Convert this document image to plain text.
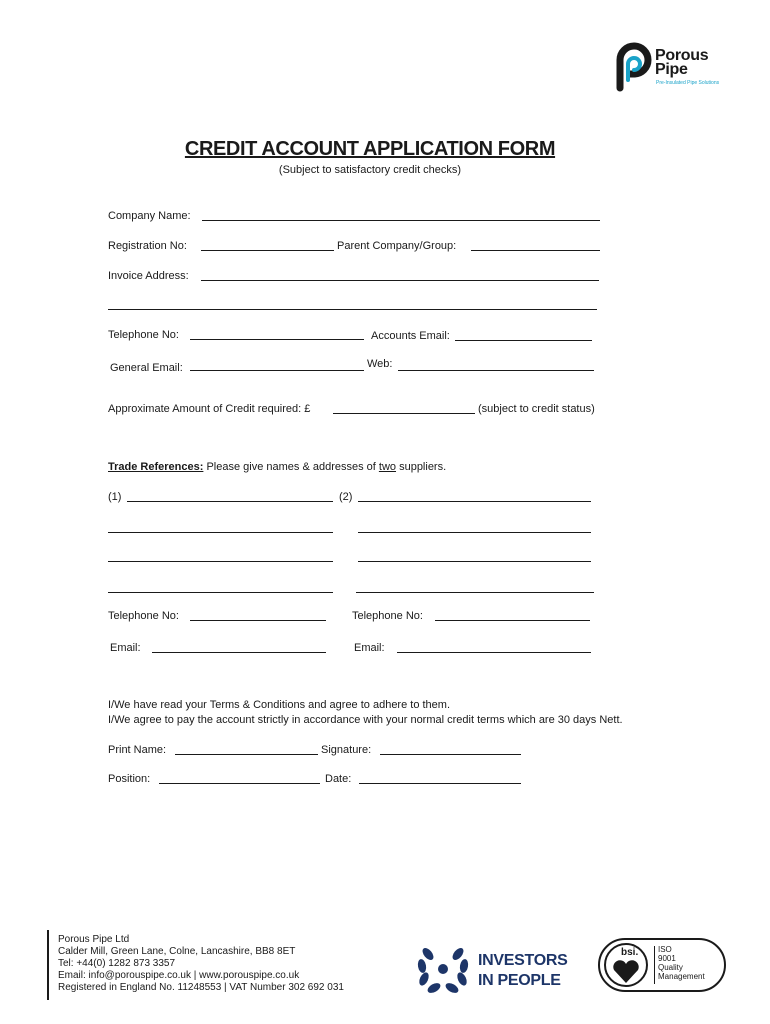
Porous
Pipe
Pre-Insulated Pipe Solutions
CREDIT ACCOUNT APPLICATION FORM
(Subject to satisfactory credit checks)
Company Name:
Registration No:	Parent Company/Group:
Invoice Address:
Telephone No:	Accounts Email:
General Email:	Web:
Approximate Amount of Credit required: £	(subject to credit status)
Trade References: Please give names & addresses of two suppliers.
(1)	(2)
Telephone No:	Telephone No:
Email:	Email:
I/We have read your Terms & Conditions and agree to adhere to them.
I/We agree to pay the account strictly in accordance with your normal credit terms which are 30 days Nett.
Print Name:	Signature:
Position:	Date:
Porous Pipe Ltd
Calder Mill, Green Lane, Colne, Lancashire, BB8 8ET
Tel: +44(0) 1282 873 3357
Email: info@porouspipe.co.uk | www.porouspipe.co.uk
Registered in England No. 11248553 | VAT Number 302 692 031
INVESTORS
IN PEOPLE
bsi. ISO
9001
Quality
Management
